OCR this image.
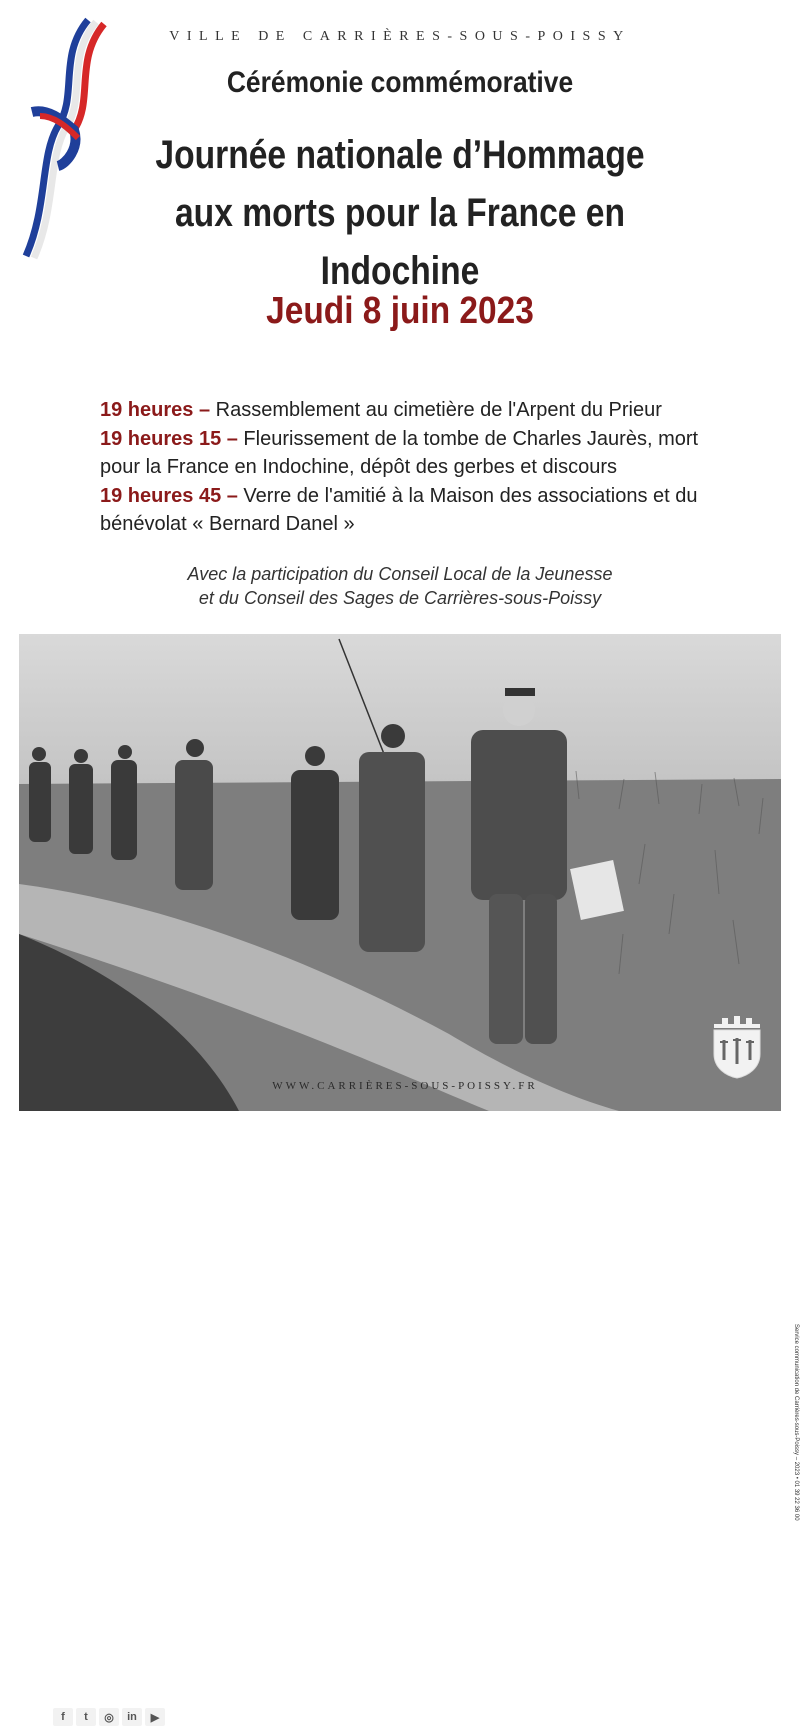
VILLE DE CARRIÈRES-SOUS-POISSY
Cérémonie commémorative
Journée nationale d’Hommage
aux morts pour la France en Indochine
Jeudi 8 juin 2023

19 heures – Rassemblement au cimetière de l'Arpent du Prieur

19 heures 15 – Fleurissement de la tombe de Charles Jaurès, mort pour la France en Indochine, dépôt des gerbes et discours

19 heures 45 – Verre de l'amitié à la Maison des associations et du bénévolat « Bernard Danel »

Avec la participation du Conseil Local de la Jeunesse

et du Conseil des Sages de Carrières-sous-Poissy

Service communication de Carrières-sous-Poissy – 2023 • 01 39 22 36 00
f	t	◎	in	▶
WWW.CARRIÈRES-SOUS-POISSY.FR
